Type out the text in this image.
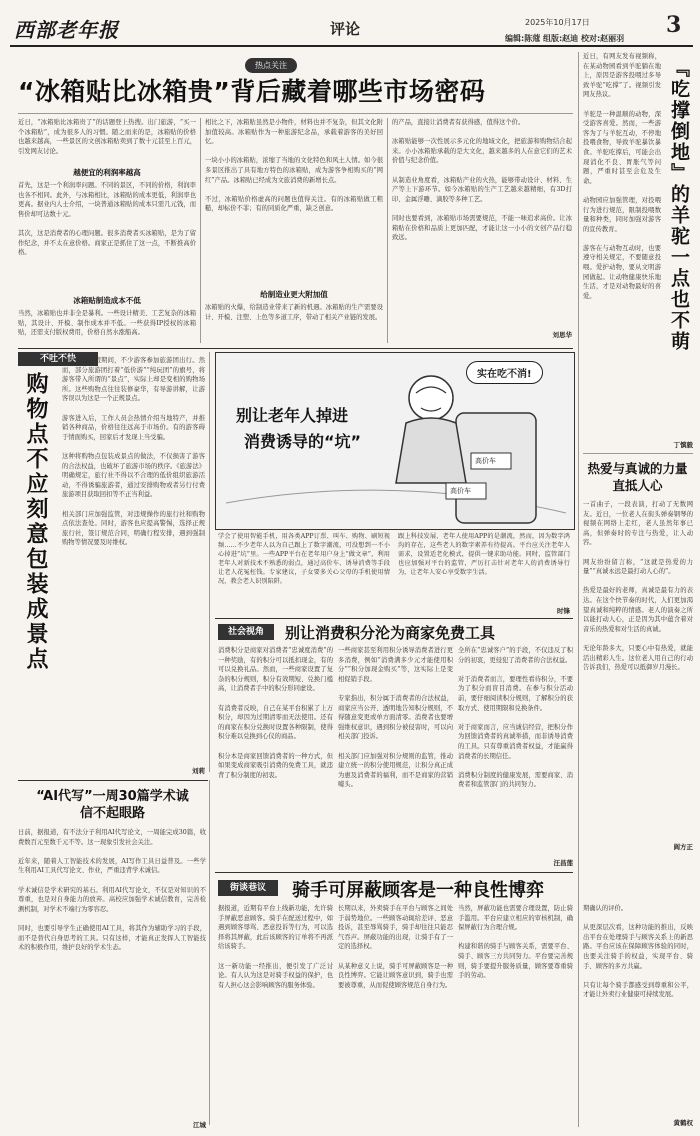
西部老年报	评论	2025年10月17日
编辑:陈蔻 组版:赵迪 校对:赵丽羽
3
热点关注
“冰箱贴比冰箱贵”背后藏着哪些市场密码
近日，“冰箱贴比冰箱贵了”的话题登上热搜。出门旅游，“买一个冰箱贴”，成为很多人的习惯。随之而来的是，冰箱贴的价格也越来越高，一些景区的文创冰箱贴卖到了数十元甚至上百元，引发网友讨论。
越便宜的利润率越高
首先，这是一个利润率问题。不同的景区，不同的价格，利润率也各不相同。此外，与冰箱相比，冰箱贴的成本更低，利润率也更高。据业内人士介绍，一块普通冰箱贴的成本只需几元钱，而售价却可达数十元。

其次，这是消费者的心理问题。很多消费者买冰箱贴，是为了留作纪念，并不太在意价格。商家正是抓住了这一点，不断推高价格。
冰箱贴制造成本不低
当然，冰箱贴也并非全是暴利。一些设计精美、工艺复杂的冰箱贴，其设计、开模、制作成本并不低。一些获得IP授权的冰箱贴，还需支付版权费用，价格自然水涨船高。
相比之下，冰箱贴虽然是小物件，材料也并不复杂，但其文化附加值较高。冰箱贴作为一种旅游纪念品，承载着游客的美好回忆。

一块小小的冰箱贴，浓缩了当地的文化特色和风土人情。如今很多景区推出了具有地方特色的冰箱贴，成为游客争相购买的“网红”产品。冰箱贴已经成为文旅消费的新增长点。

不过，冰箱贴价格虚高的问题也值得关注。有的冰箱贴做工粗糙，却标价不菲；有的同质化严重，缺乏创意。
给制造业更大附加值
冰箱贴的火爆，给制造业带来了新的机遇。冰箱贴的生产需要设计、开模、注塑、上色等多道工序，带动了相关产业链的发展。
的产品，直接让消费者有获得感，值得这个价。

冰箱贴能够一次性展示多元化的地域文化，把旅游和购物结合起来。小小冰箱贴承载的是大文化，越来越多的人在意它们的艺术价值与纪念价值。

从制造业角度看，冰箱贴产业的火热，能够带动设计、材料、生产等上下游环节。如今冰箱贴的生产工艺越来越精细，有3D打印、金属浮雕、滴胶等多种工艺。

同时也要看到，冰箱贴市场需要规范，不能一味追求高价。让冰箱贴在价格和品质上更加匹配，才能让这一小小的文创产品行稳致远。
刘思华
近日，有网友发布视频称，在某动物园看到羊驼躺在地上，原因是游客投喂过多导致羊驼“吃撑”了。视频引发网友热议。

羊驼是一种温顺的动物，深受游客喜爱。然而，一些游客为了与羊驼互动，不停地投喂食物，导致羊驼暴饮暴食。羊驼吃撑后，可能会出现消化不良、胃胀气等问题，严重时甚至会危及生命。

动物园应加强管理，对投喂行为进行规范，限制投喂数量和种类，同时加强对游客的宣传教育。

游客在与动物互动时，也要遵守相关规定，不要随意投喂。爱护动物，要从文明游园做起。让动物健康快乐地生活，才是对动物最好的喜爱。	『吃撑倒地』的羊驼一点也不萌
丁慎毅
热爱与真诚的力量直抵人心
一首曲子，一段表演，打动了无数网友。近日，一位老人在街头弹奏钢琴的视频在网络上走红，老人虽然年事已高，但弹奏时的专注与热爱，让人动容。

网友纷纷留言称，“这就是热爱的力量”“真诚永远是最打动人心的”。

热爱是最好的老师，真诚是最有力的表达。在这个快节奏的时代，人们更加渴望真诚和纯粹的情感。老人的演奏之所以能打动人心，正是因为其中蕴含着对音乐的热爱和对生活的真诚。

无论年龄多大，只要心中有热爱，就能活出精彩人生。这位老人用自己的行动告诉我们，热爱可以抵御岁月漫长。
阎方正
不吐不快
购物点不应刻意包装成景点
国庆中秋长假期间，不少游客参加旅游团出行。然而，部分旅游团打着“低价游”“纯玩团”的旗号，将游客带入所谓的“景点”，实际上却是变相的购物场所。这些购物点往往装修豪华，有导游讲解，让游客误以为这是一个正规景点。

游客进入后，工作人员会热情介绍当地特产，并推销各种商品，价格往往远高于市场价。有的游客碍于情面购买，回家后才发现上当受骗。

这种将购物点包装成景点的做法，不仅损害了游客的合法权益，也破坏了旅游市场的秩序。《旅游法》明确规定，旅行社不得以不合理的低价组织旅游活动，不得诱骗旅游者，通过安排购物或者另行付费旅游项目获取回扣等不正当利益。

相关部门应加强监管，对违规操作的旅行社和购物点依法查处。同时，游客也应提高警惕，选择正规旅行社，签订规范合同，明确行程安排，遇到强制购物等情况要及时维权。
刘莉
实在吃不消!
别让老年人掉进
消费诱导的“坑”
高价车
高价车
学会了使用智能手机，用各类APP订票、叫车、购物、刷短视频……不少老年人以为自己跟上了数字潮流，可没想到一不小心掉进“坑”里。一些APP平台在老年用户身上“做文章”，利用老年人对新技术不熟悉的弱点，通过高价车、诱导消费等手段让老人花冤枉钱。专家建议，子女要多关心父母的手机使用情况，教会老人识别陷阱。
跟上科技发展、老年人使用APP的是潮流，然而，因为数字鸿沟的存在，这些老人的数字素养有待提高。平台应关注老年人需求，设置适老化模式，提供一键求助功能。同时，监管部门也应加强对平台的监管，严厉打击针对老年人的消费诱导行为，让老年人安心享受数字生活。
时锋
社会视角	别让消费积分沦为商家免费工具
消费积分是商家对消费者“忠诚度消费”的一种奖励，有的积分可以抵扣现金，有的可以兑换礼品。然而，一些商家设置了复杂的积分规则，积分有效期短、兑换门槛高，让消费者手中的积分形同虚设。

有消费者反映，自己在某平台积累了上万积分，却因为过期清零而无法使用。还有的商家在积分兑换时设置各种限制，使得积分难以兑换到心仪的商品。

积分本是商家回馈消费者的一种方式，但如果变成商家吸引消费的免费工具，就违背了积分制度的初衷。
一些商家甚至利用积分诱导消费者进行更多消费，例如“消费满多少元才能使用积分”“积分加现金购买”等，这实际上是变相促销手段。

专家指出，积分属于消费者的合法权益，商家应当公开、透明地告知积分规则，不得随意变更或单方面清零。消费者也要增强维权意识，遇到积分被侵害时，可以向相关部门投诉。

相关部门应加强对积分规则的监管，推动建立统一的积分使用规范，让积分真正成为惠及消费者的福利，而不是商家的营销噱头。
全所在“忠诚客户”的手段，不仅违反了积分的初衷，更侵犯了消费者的合法权益。

对于消费者而言，要理性看待积分，不要为了积分而盲目消费。在参与积分活动前，要仔细阅读积分规则，了解积分的获取方式、使用期限和兑换条件。

对于商家而言，应当诚信经营，把积分作为回馈消费者的真诚举措，而非诱导消费的工具。只有尊重消费者权益，才能赢得消费者的长期信任。

消费积分制度的健康发展，需要商家、消费者和监管部门的共同努力。
汪昌莲
“AI代写”一周30篇学术诚信不起眼路
日前，据报道，有不法分子利用AI代写论文，一周能完成30篇，收费数百元至数千元不等。这一现象引发社会关注。

近年来，随着人工智能技术的发展，AI写作工具日益普及。一些学生利用AI工具代写论文、作业，严重违背学术诚信。

学术诚信是学术研究的基石。利用AI代写论文，不仅是对知识的不尊重，也是对自身能力的放弃。高校应加强学术诚信教育，完善检测机制，对学术不端行为零容忍。

同时，也要引导学生正确使用AI工具，将其作为辅助学习的手段，而不是替代自身思考的工具。只有这样，才能真正发挥人工智能技术的积极作用，维护良好的学术生态。
江城
街谈巷议	骑手可屏蔽顾客是一种良性博弈
据报道，近期有平台上线新功能，允许骑手屏蔽恶意顾客。骑手在配送过程中，如遇到顾客辱骂、恶意投诉等行为，可以选择将其屏蔽，此后该顾客的订单将不再派给该骑手。

这一新功能一经推出，便引发了广泛讨论。有人认为这是对骑手权益的保护，也有人担心这会影响顾客的服务体验。
长期以来，外卖骑手在平台与顾客之间处于弱势地位。一些顾客动辄给差评、恶意投诉，甚至辱骂骑手，骑手却往往只能忍气吞声。屏蔽功能的出现，让骑手有了一定的选择权。

从某种意义上说，骑手可屏蔽顾客是一种良性博弈。它能让顾客意识到，骑手也需要被尊重，从而促使顾客规范自身行为。
当然，屏蔽功能也需要合理设置，防止骑手滥用。平台应建立相应的审核机制，确保屏蔽行为合理合规。

构建和谐的骑手与顾客关系，需要平台、骑手、顾客三方共同努力。平台要完善规则，骑手要提升服务质量，顾客要尊重骑手的劳动。
期确认的评价。

从更深层次看，这种功能的推出，反映出平台在处理骑手与顾客关系上的新思路。平台应该在保障顾客体验的同时，也要关注骑手的权益，实现平台、骑手、顾客的多方共赢。

只有让每个骑手都感受到尊重和公平，才能让外卖行业健康可持续发展。
黄鹤权
